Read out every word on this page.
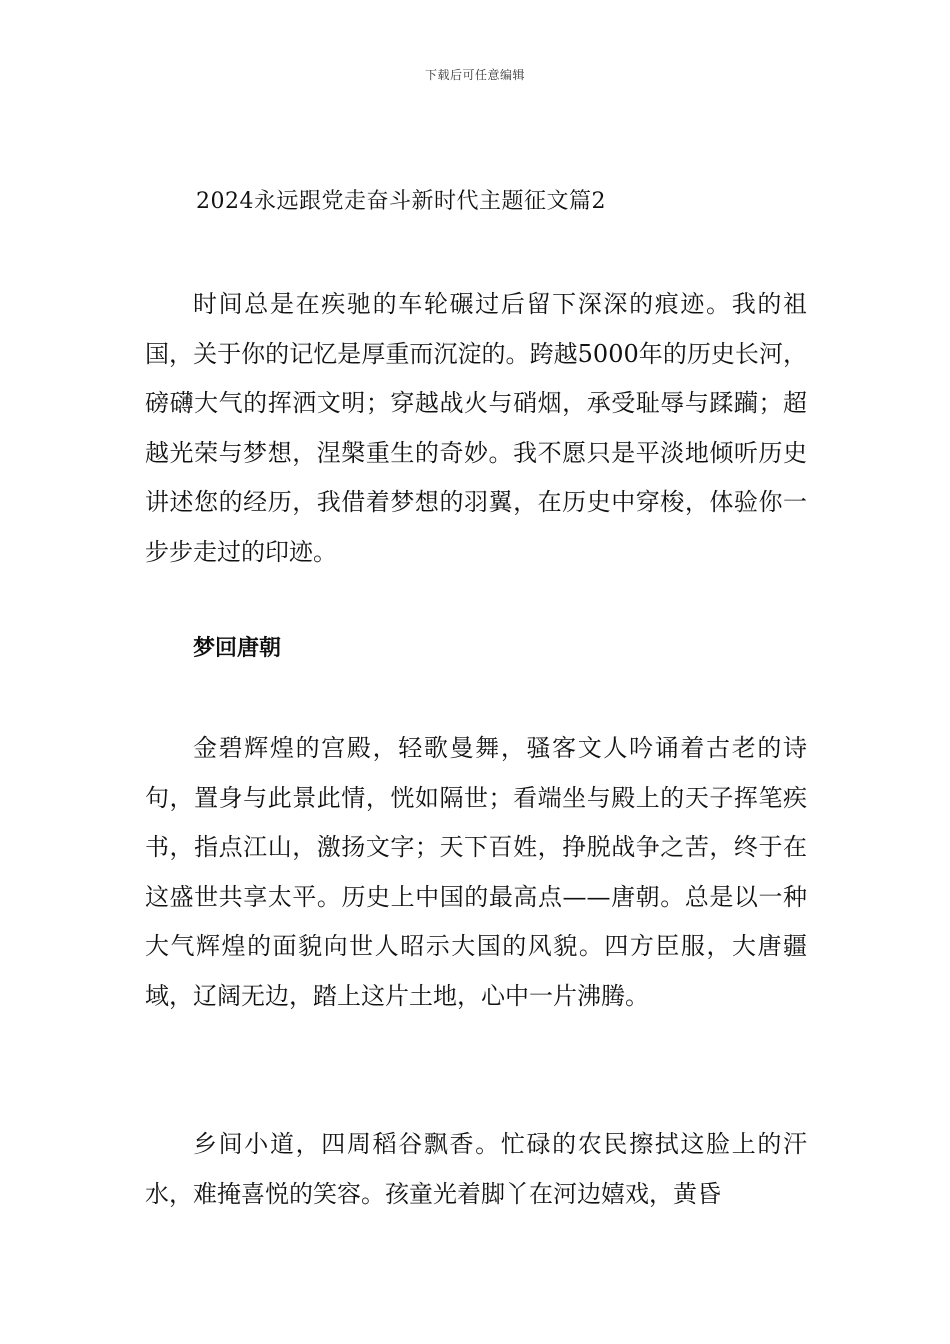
下载后可任意编辑
2024永远跟党走奋斗新时代主题征文篇2

时间总是在疾驰的车轮碾过后留下深深的痕迹。我的祖国，关于你的记忆是厚重而沉淀的。跨越5000年的历史长河，磅礴大气的挥洒文明；穿越战火与硝烟，承受耻辱与蹂躏；超越光荣与梦想，涅槃重生的奇妙。我不愿只是平淡地倾听历史讲述您的经历，我借着梦想的羽翼，在历史中穿梭，体验你一步步走过的印迹。

梦回唐朝

金碧辉煌的宫殿，轻歌曼舞，骚客文人吟诵着古老的诗句，置身与此景此情，恍如隔世；看端坐与殿上的天子挥笔疾书，指点江山，激扬文字；天下百姓，挣脱战争之苦，终于在这盛世共享太平。历史上中国的最高点——唐朝。总是以一种大气辉煌的面貌向世人昭示大国的风貌。四方臣服，大唐疆域，辽阔无边，踏上这片土地，心中一片沸腾。

乡间小道，四周稻谷飘香。忙碌的农民擦拭这脸上的汗水，难掩喜悦的笑容。孩童光着脚丫在河边嬉戏，黄昏
